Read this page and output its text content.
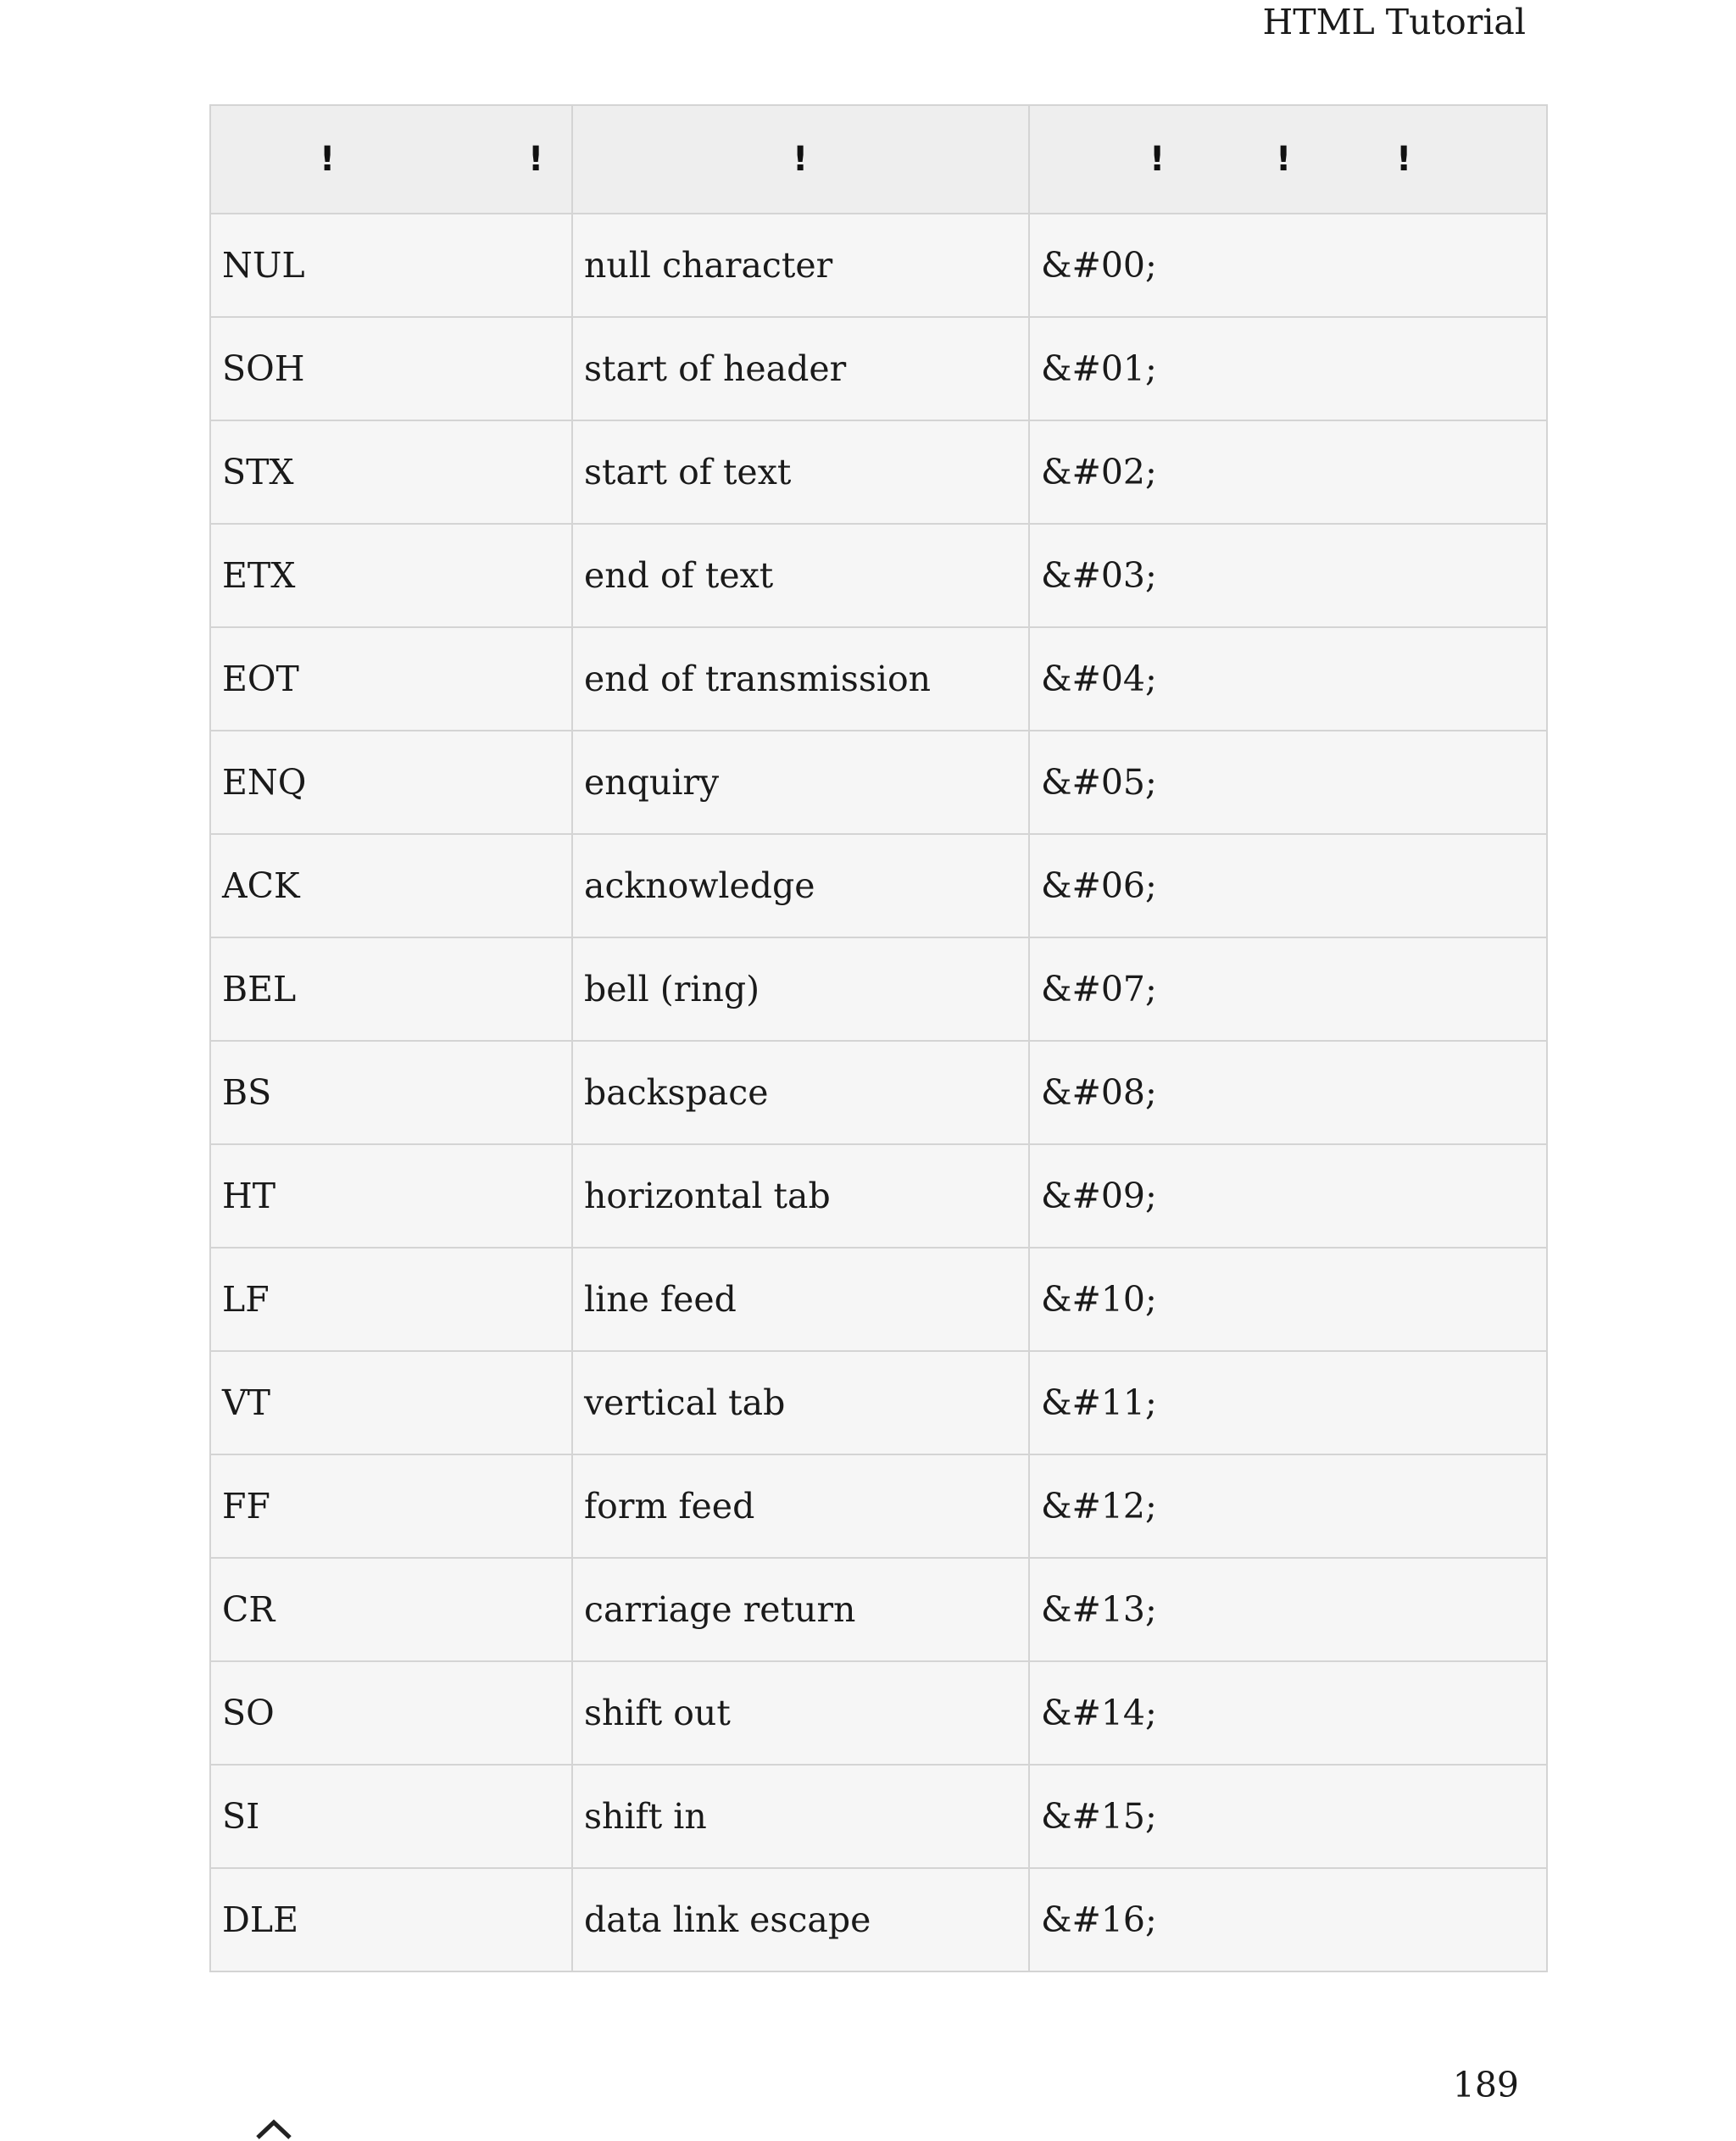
HTML Tutorial
! !	!	! ! !

NUL	null character	&#00;
SOH	start of header	&#01;
STX	start of text	&#02;
ETX	end of text	&#03;
EOT	end of transmission	&#04;
ENQ	enquiry	&#05;
ACK	acknowledge	&#06;
BEL	bell (ring)	&#07;
BS	backspace	&#08;
HT	horizontal tab	&#09;
LF	line feed	&#10;
VT	vertical tab	&#11;
FF	form feed	&#12;
CR	carriage return	&#13;
SO	shift out	&#14;
SI	shift in	&#15;
DLE	data link escape	&#16;
189
